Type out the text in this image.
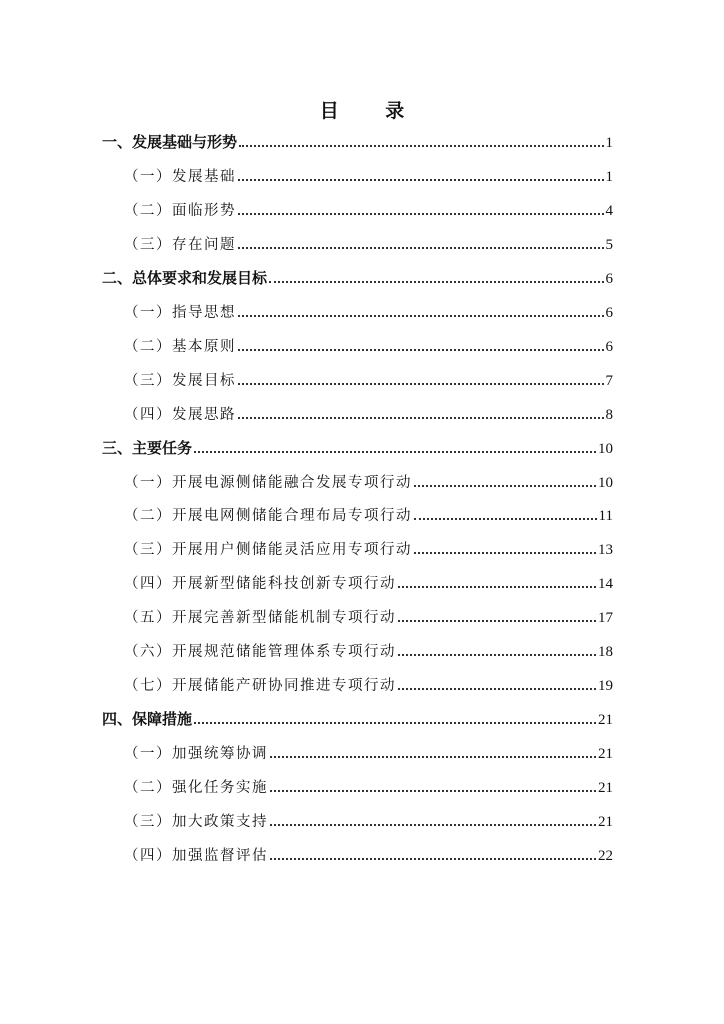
目 录
一、发展基础与形势	1
（一）发展基础	1
（二）面临形势	4
（三）存在问题	5
二、总体要求和发展目标	6
（一）指导思想	6
（二）基本原则	6
（三）发展目标	7
（四）发展思路	8
三、主要任务	10
（一）开展电源侧储能融合发展专项行动	10
（二）开展电网侧储能合理布局专项行动	11
（三）开展用户侧储能灵活应用专项行动	13
（四）开展新型储能科技创新专项行动	14
（五）开展完善新型储能机制专项行动	17
（六）开展规范储能管理体系专项行动	18
（七）开展储能产研协同推进专项行动	19
四、保障措施	21
（一）加强统筹协调	21
（二）强化任务实施	21
（三）加大政策支持	21
（四）加强监督评估	22
